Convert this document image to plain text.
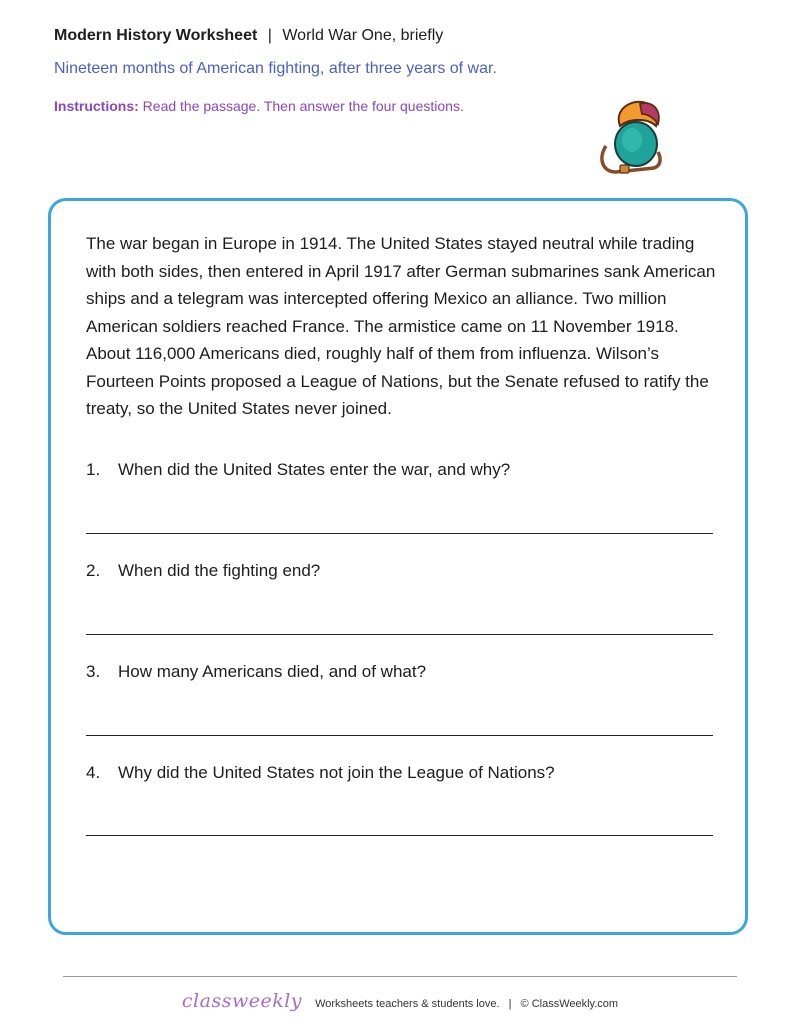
Modern History Worksheet | World War One, briefly
Nineteen months of American fighting, after three years of war.
Instructions: Read the passage. Then answer the four questions.
The war began in Europe in 1914. The United States stayed neutral while trading with both sides, then entered in April 1917 after German submarines sank American ships and a telegram was intercepted offering Mexico an alliance. Two million American soldiers reached France. The armistice came on 11 November 1918. About 116,000 Americans died, roughly half of them from influenza. Wilson’s Fourteen Points proposed a League of Nations, but the Senate refused to ratify the treaty, so the United States never joined.
1. When did the United States enter the war, and why?
2. When did the fighting end?
3. How many Americans died, and of what?
4. Why did the United States not join the League of Nations?
classweekly Worksheets teachers & students love. | © ClassWeekly.com
